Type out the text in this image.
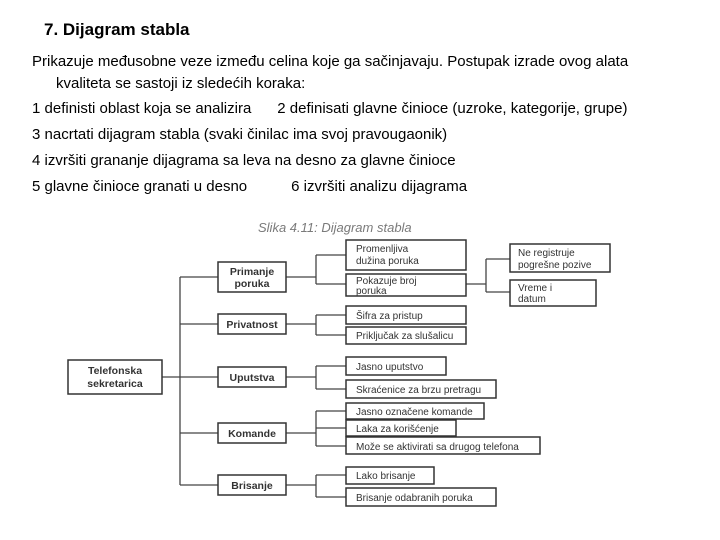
7. Dijagram stabla
Prikazuje međusobne veze između celina koje ga sačinjavaju. Postupak izrade ovog alata
kvaliteta se sastoji iz sledećih koraka:
1 definisti oblast koja se analizira 2 definisati glavne činioce (uzroke, kategorije, grupe)
3 nacrtati dijagram stabla (svaki činilac ima svoj pravougaonik)
4 izvršiti grananje dijagrama sa leva na desno za glavne činioce
5 glavne činioce granati u desno	6 izvršiti analizu dijagrama
Slika 4.11: Dijagram stabla
Telefonska
sekretarica
Primanje
poruka
Privatnost
Uputstva
Komande
Brisanje
Promenljiva
dužina poruka
Pokazuje broj
poruka
Šifra za pristup
Priključak za slušalicu
Jasno uputstvo
Skraćenice za brzu pretragu
Jasno označene komande
Laka za korišćenje
Može se aktivirati sa drugog telefona
Lako brisanje
Brisanje odabranih poruka
Ne registruje
pogrešne pozive
Vreme i
datum
